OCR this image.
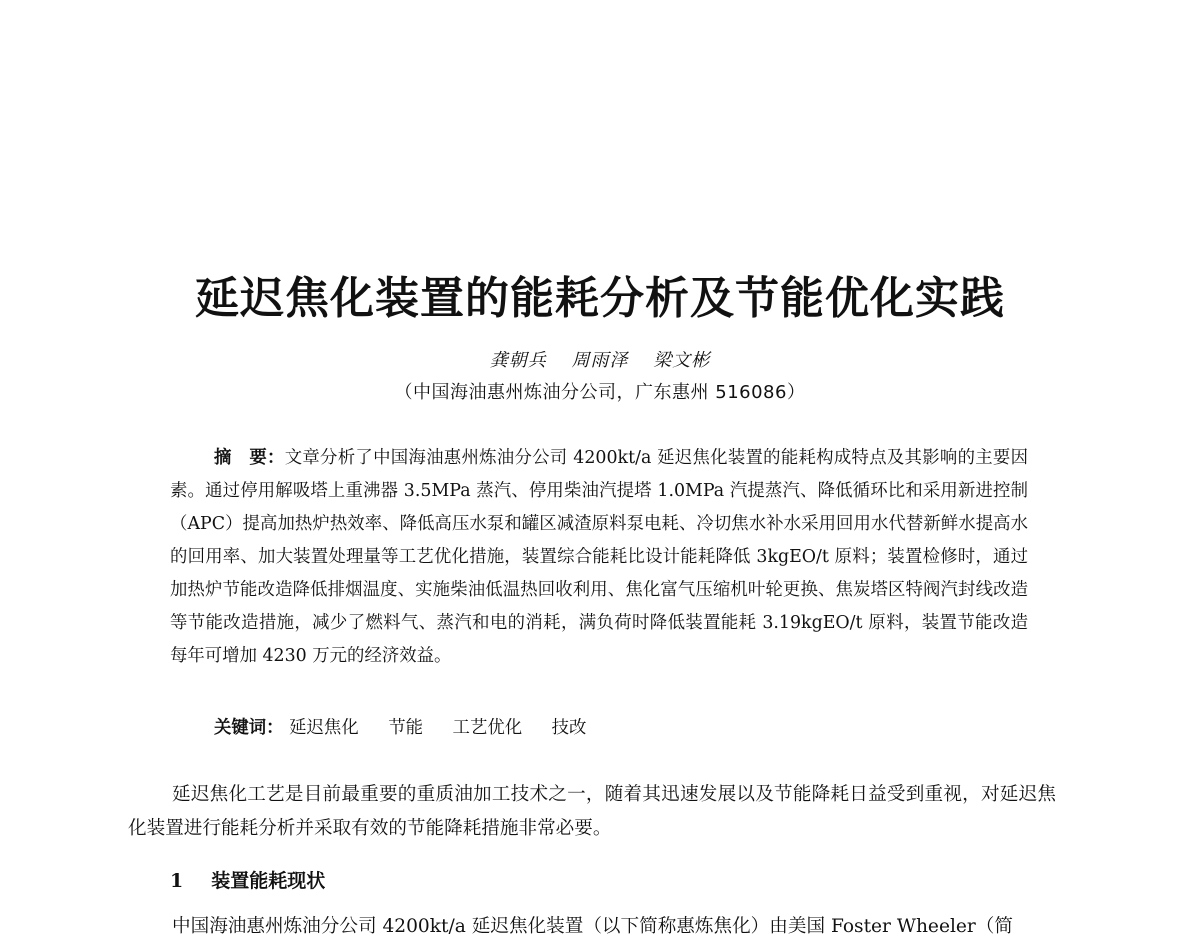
延迟焦化装置的能耗分析及节能优化实践
龚朝兵 周雨泽 梁文彬
（中国海油惠州炼油分公司，广东惠州 516086）

摘　要：文章分析了中国海油惠州炼油分公司 4200kt/a 延迟焦化装置的能耗构成特点及其影响的主要因素。通过停用解吸塔上重沸器 3.5MPa 蒸汽、停用柴油汽提塔 1.0MPa 汽提蒸汽、降低循环比和采用新进控制（APC）提高加热炉热效率、降低高压水泵和罐区减渣原料泵电耗、冷切焦水补水采用回用水代替新鲜水提高水的回用率、加大装置处理量等工艺优化措施，装置综合能耗比设计能耗降低 3kgEO/t 原料；装置检修时，通过加热炉节能改造降低排烟温度、实施柴油低温热回收利用、焦化富气压缩机叶轮更换、焦炭塔区特阀汽封线改造等节能改造措施，减少了燃料气、蒸汽和电的消耗，满负荷时降低装置能耗 3.19kgEO/t 原料，装置节能改造每年可增加 4230 万元的经济效益。

关键词： 延迟焦化 节能 工艺优化 技改

延迟焦化工艺是目前最重要的重质油加工技术之一，随着其迅速发展以及节能降耗日益受到重视，对延迟焦化装置进行能耗分析并采取有效的节能降耗措施非常必要。

1 装置能耗现状

中国海油惠州炼油分公司 4200kt/a 延迟焦化装置（以下简称惠炼焦化）由美国 Foster Wheeler（简
